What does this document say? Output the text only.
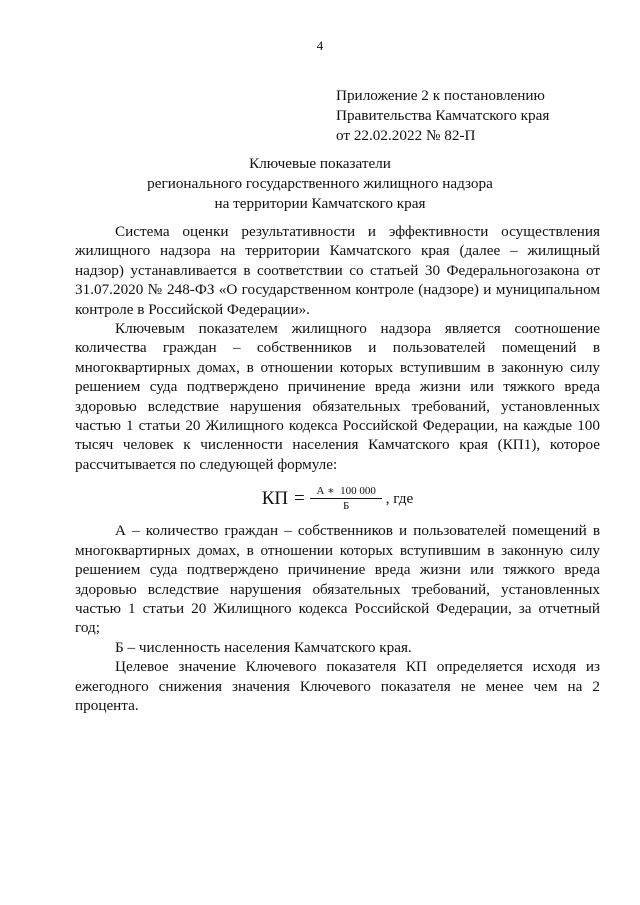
4
Приложение 2 к постановлению
Правительства Камчатского края
от 22.02.2022 № 82-П
Ключевые показатели
регионального государственного жилищного надзора
на территории Камчатского края

Система оценки результативности и эффективности осуществления жилищного надзора на территории Камчатского края (далее – жилищный надзор) устанавливается в соответствии со статьей 30 Федеральногозакона от 31.07.2020 № 248-ФЗ «О государственном контроле (надзоре) и муниципальном контроле в Российской Федерации».

Ключевым показателем жилищного надзора является соотношение количества граждан – собственников и пользователей помещений в многоквартирных домах, в отношении которых вступившим в законную силу решением суда подтверждено причинение вреда жизни или тяжкого вреда здоровью вследствие нарушения обязательных требований, установленных частью 1 статьи 20 Жилищного кодекса Российской Федерации, на каждые 100 тысяч человек к численности населения Камчатского края (КП1), которое рассчитывается по следующей формуле:

КП = $\frac{А ∗ 100 000}{Б}$ , где

А – количество граждан – собственников и пользователей помещений в многоквартирных домах, в отношении которых вступившим в законную силу решением суда подтверждено причинение вреда жизни или тяжкого вреда здоровью вследствие нарушения обязательных требований, установленных частью 1 статьи 20 Жилищного кодекса Российской Федерации, за отчетный год;

Б – численность населения Камчатского края.

Целевое значение Ключевого показателя КП определяется исходя из ежегодного снижения значения Ключевого показателя не менее чем на 2 процента.
